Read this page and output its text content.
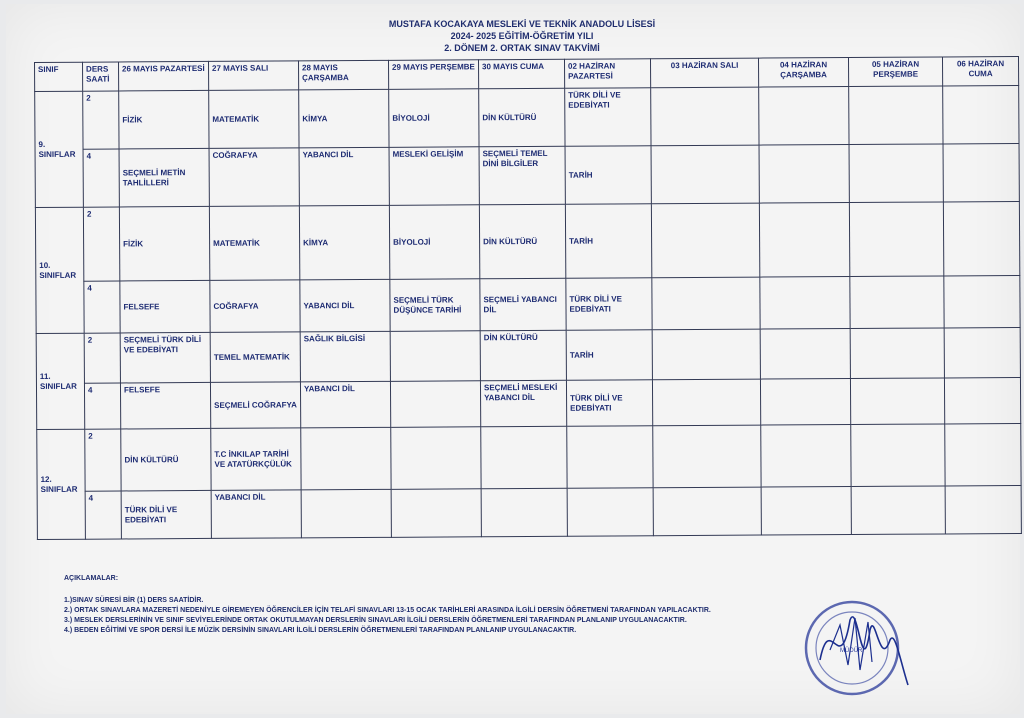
MUSTAFA KOCAKAYA MESLEKİ VE TEKNİK ANADOLU LİSESİ
2024- 2025 EĞİTİM-ÖĞRETİM YILI
2. DÖNEM 2. ORTAK SINAV TAKVİMİ
SINIF	DERS SAATİ	26 MAYIS PAZARTESİ	27 MAYIS SALI	28 MAYIS ÇARŞAMBA	29 MAYIS PERŞEMBE	30 MAYIS CUMA	02 HAZİRAN PAZARTESİ	03 HAZİRAN SALI	04 HAZİRAN ÇARŞAMBA	05 HAZİRAN PERŞEMBE	06 HAZİRAN CUMA
9. SINIFLAR	2	FİZİK	MATEMATİK	KİMYA	BİYOLOJİ	DİN KÜLTÜRÜ	TÜRK DİLİ VE EDEBİYATI				
	4	SEÇMELİ METİN TAHLİLLERİ	COĞRAFYA	YABANCI DİL	MESLEKİ GELİŞİM	SEÇMELİ TEMEL DİNİ BİLGİLER	TARİH				
10. SINIFLAR	2	FİZİK	MATEMATİK	KİMYA	BİYOLOJİ	DİN KÜLTÜRÜ	TARİH				
	4	FELSEFE	COĞRAFYA	YABANCI DİL	SEÇMELİ TÜRK DÜŞÜNCE TARİHİ	SEÇMELİ YABANCI DİL	TÜRK DİLİ VE EDEBİYATI				
11. SINIFLAR	2	SEÇMELİ TÜRK DİLİ VE EDEBİYATI	TEMEL MATEMATİK	SAĞLIK BİLGİSİ		DİN KÜLTÜRÜ	TARİH				
	4	FELSEFE	SEÇMELİ COĞRAFYA	YABANCI DİL		SEÇMELİ MESLEKİ YABANCI DİL	TÜRK DİLİ VE EDEBİYATI				
12. SINIFLAR	2	DİN KÜLTÜRÜ	T.C İNKILAP TARİHİ VE ATATÜRKÇÜLÜK								
	4	TÜRK DİLİ VE EDEBİYATI	YABANCI DİL								
AÇIKLAMALAR:
1.)SINAV SÜRESİ BİR (1) DERS SAATİDİR.
2.) ORTAK SINAVLARA MAZERETİ NEDENİYLE GİREMEYEN ÖĞRENCİLER İÇİN TELAFİ SINAVLARI 13-15 OCAK TARİHLERİ ARASINDA İLGİLİ DERSİN ÖĞRETMENİ TARAFINDAN YAPILACAKTIR.
3.) MESLEK DERSLERİNİN VE SINIF SEVİYELERİNDE ORTAK OKUTULMAYAN DERSLERİN SINAVLARI İLGİLİ DERSLERİN ÖĞRETMENLERİ TARAFINDAN PLANLANIP UYGULANACAKTIR.
4.) BEDEN EĞİTİMİ VE SPOR DERSİ İLE MÜZİK DERSİNİN SINAVLARI İLGİLİ DERSLERİN ÖĞRETMENLERİ TARAFINDAN PLANLANIP UYGULANACAKTIR.
MÜDÜR
